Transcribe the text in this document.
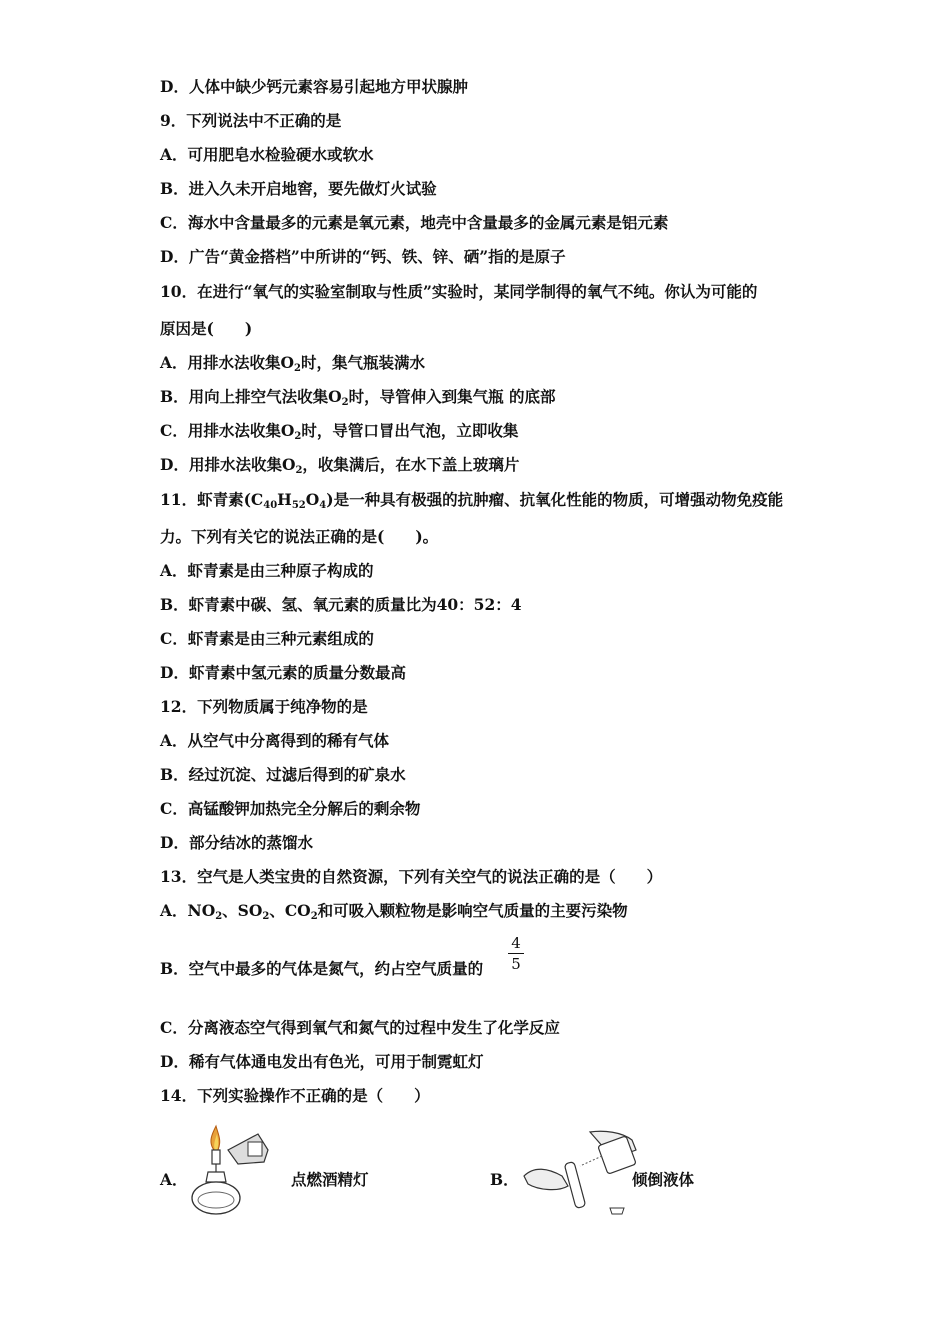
D．人体中缺少钙元素容易引起地方甲状腺肿
9．下列说法中不正确的是
A．可用肥皂水检验硬水或软水
B．进入久未开启地窖，要先做灯火试验
C．海水中含量最多的元素是氧元素，地壳中含量最多的金属元素是铝元素
D．广告“黄金搭档”中所讲的“钙、铁、锌、硒”指的是原子
10．在进行“氧气的实验室制取与性质”实验时，某同学制得的氧气不纯。你认为可能的
原因是(　　)
A．用排水法收集$O_2$时，集气瓶装满水
B．用向上排空气法收集$O_2$时，导管伸入到集气瓶 的底部
C．用排水法收集$O_2$时，导管口冒出气泡，立即收集
D．用排水法收集$O_2$，收集满后，在水下盖上玻璃片
11．虾青素$(C_{40}H_{52}O_4)$是一种具有极强的抗肿瘤、抗氧化性能的物质，可增强动物免疫能
力。下列有关它的说法正确的是(　　)。
A．虾青素是由三种原子构成的
B．虾青素中碳、氢、氧元素的质量比为40：52：4
C．虾青素是由三种元素组成的
D．虾青素中氢元素的质量分数最高
12．下列物质属于纯净物的是
A．从空气中分离得到的稀有气体
B．经过沉淀、过滤后得到的矿泉水
C．高锰酸钾加热完全分解后的剩余物
D．部分结冰的蒸馏水
13．空气是人类宝贵的自然资源，下列有关空气的说法正确的是（　　）
A．$NO_2$、$SO_2$、$CO_2$和可吸入颗粒物是影响空气质量的主要污染物
B．空气中最多的气体是氮气，约占空气质量的
4
5
C．分离液态空气得到氧气和氮气的过程中发生了化学反应
D．稀有气体通电发出有色光，可用于制霓虹灯
14．下列实验操作不正确的是（　　）
A．	点燃酒精灯	B．	倾倒液体
